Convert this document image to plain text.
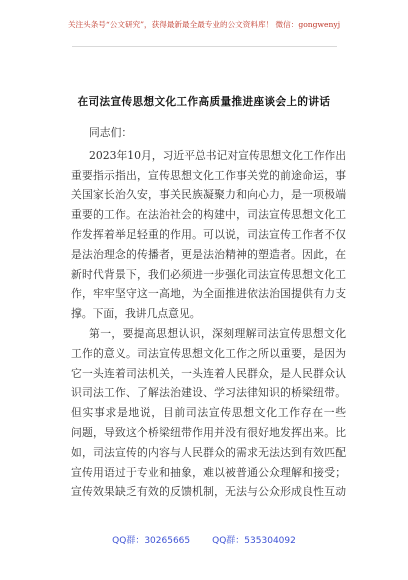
关注头条号“公文研究”，获得最新最全最专业的公文资料库！ 微信：gongwenyj
在司法宣传思想文化工作高质量推进座谈会上的讲话
同志们：
2023年10月，习近平总书记对宣传思想文化工作作出
重要指示指出，宣传思想文化工作事关党的前途命运，事
关国家长治久安，事关民族凝聚力和向心力，是一项极端
重要的工作。在法治社会的构建中，司法宣传思想文化工
作发挥着举足轻重的作用。可以说，司法宣传工作者不仅
是法治理念的传播者，更是法治精神的塑造者。因此，在
新时代背景下，我们必须进一步强化司法宣传思想文化工
作，牢牢坚守这一高地，为全面推进依法治国提供有力支
撑。下面，我讲几点意见。
第一，要提高思想认识，深刻理解司法宣传思想文化
工作的意义。司法宣传思想文化工作之所以重要，是因为
它一头连着司法机关，一头连着人民群众，是人民群众认
识司法工作、了解法治建设、学习法律知识的桥梁纽带。
但实事求是地说，目前司法宣传思想文化工作存在一些
问题，导致这个桥梁纽带作用并没有很好地发挥出来。比
如，司法宣传的内容与人民群众的需求无法达到有效匹配
宣传用语过于专业和抽象，难以被普通公众理解和接受；
宣传效果缺乏有效的反馈机制，无法与公众形成良性互动
QQ群：30265665 QQ群：535304092
